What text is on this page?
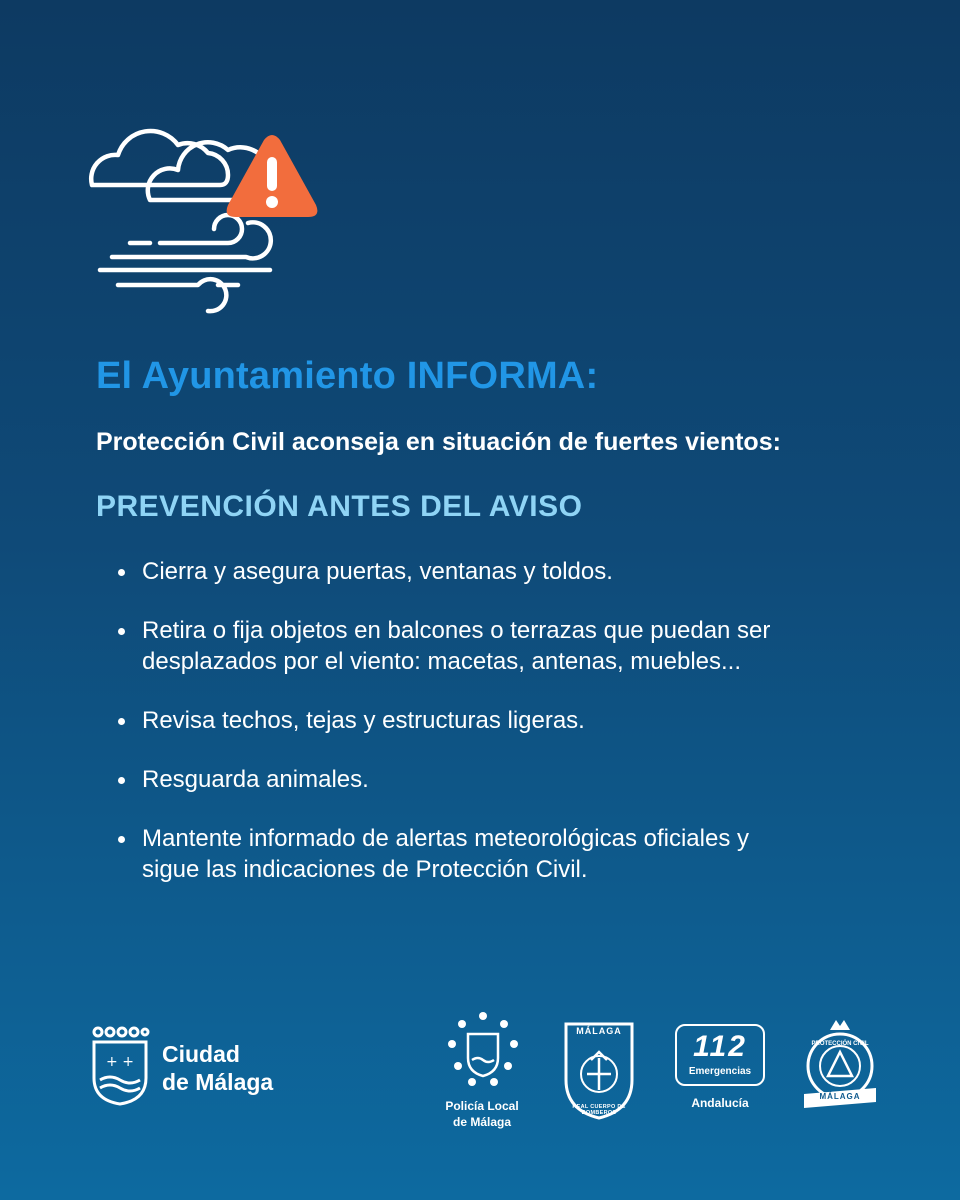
El Ayuntamiento INFORMA:

Protección Civil aconseja en situación de fuertes vientos:

PREVENCIÓN ANTES DEL AVISO
Cierra y asegura puertas, ventanas y toldos.
Retira o fija objetos en balcones o terrazas que puedan ser
desplazados por el viento: macetas, antenas, muebles...
Revisa techos, tejas y estructuras ligeras.
Resguarda animales.
Mantente informado de alertas meteorológicas oficiales y
sigue las indicaciones de Protección Civil.
+ + Ciudad
de Málaga
Policía Local
de Málaga
MÁLAGA
REAL CUERPO DE BOMBEROS
112
Emergencias
Andalucía
PROTECCIÓN CIVIL
MÁLAGA
